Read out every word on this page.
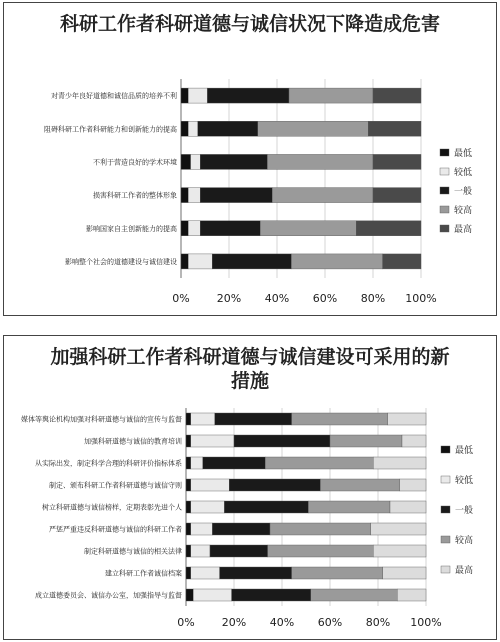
科研工作者科研道德与诚信状况下降造成危害
0% 20% 40% 60% 80% 100%
对青少年良好道德和诚信品质的培养不利
阻碍科研工作者科研能力和创新能力的提高
不利于营造良好的学术环境
损害科研工作者的整体形象
影响国家自主创新能力的提高
影响整个社会的道德建设与诚信建设
最低
较低
一般
较高
最高
加强科研工作者科研道德与诚信建设可采用的新措施
0% 20% 40% 60% 80% 100%
媒体等舆论机构加强对科研道德与诚信的宣传与监督
加强科研道德与诚信的教育培训
从实际出发，制定科学合理的科研评价指标体系
制定、颁布科研工作者科研道德与诚信守则
树立科研道德与诚信榜样，定期表彰先进个人
严惩严重违反科研道德与诚信的科研工作者
制定科研道德与诚信的相关法律
建立科研工作者诚信档案
成立道德委员会、诚信办公室，加强指导与监督
最低
较低
一般
较高
最高
